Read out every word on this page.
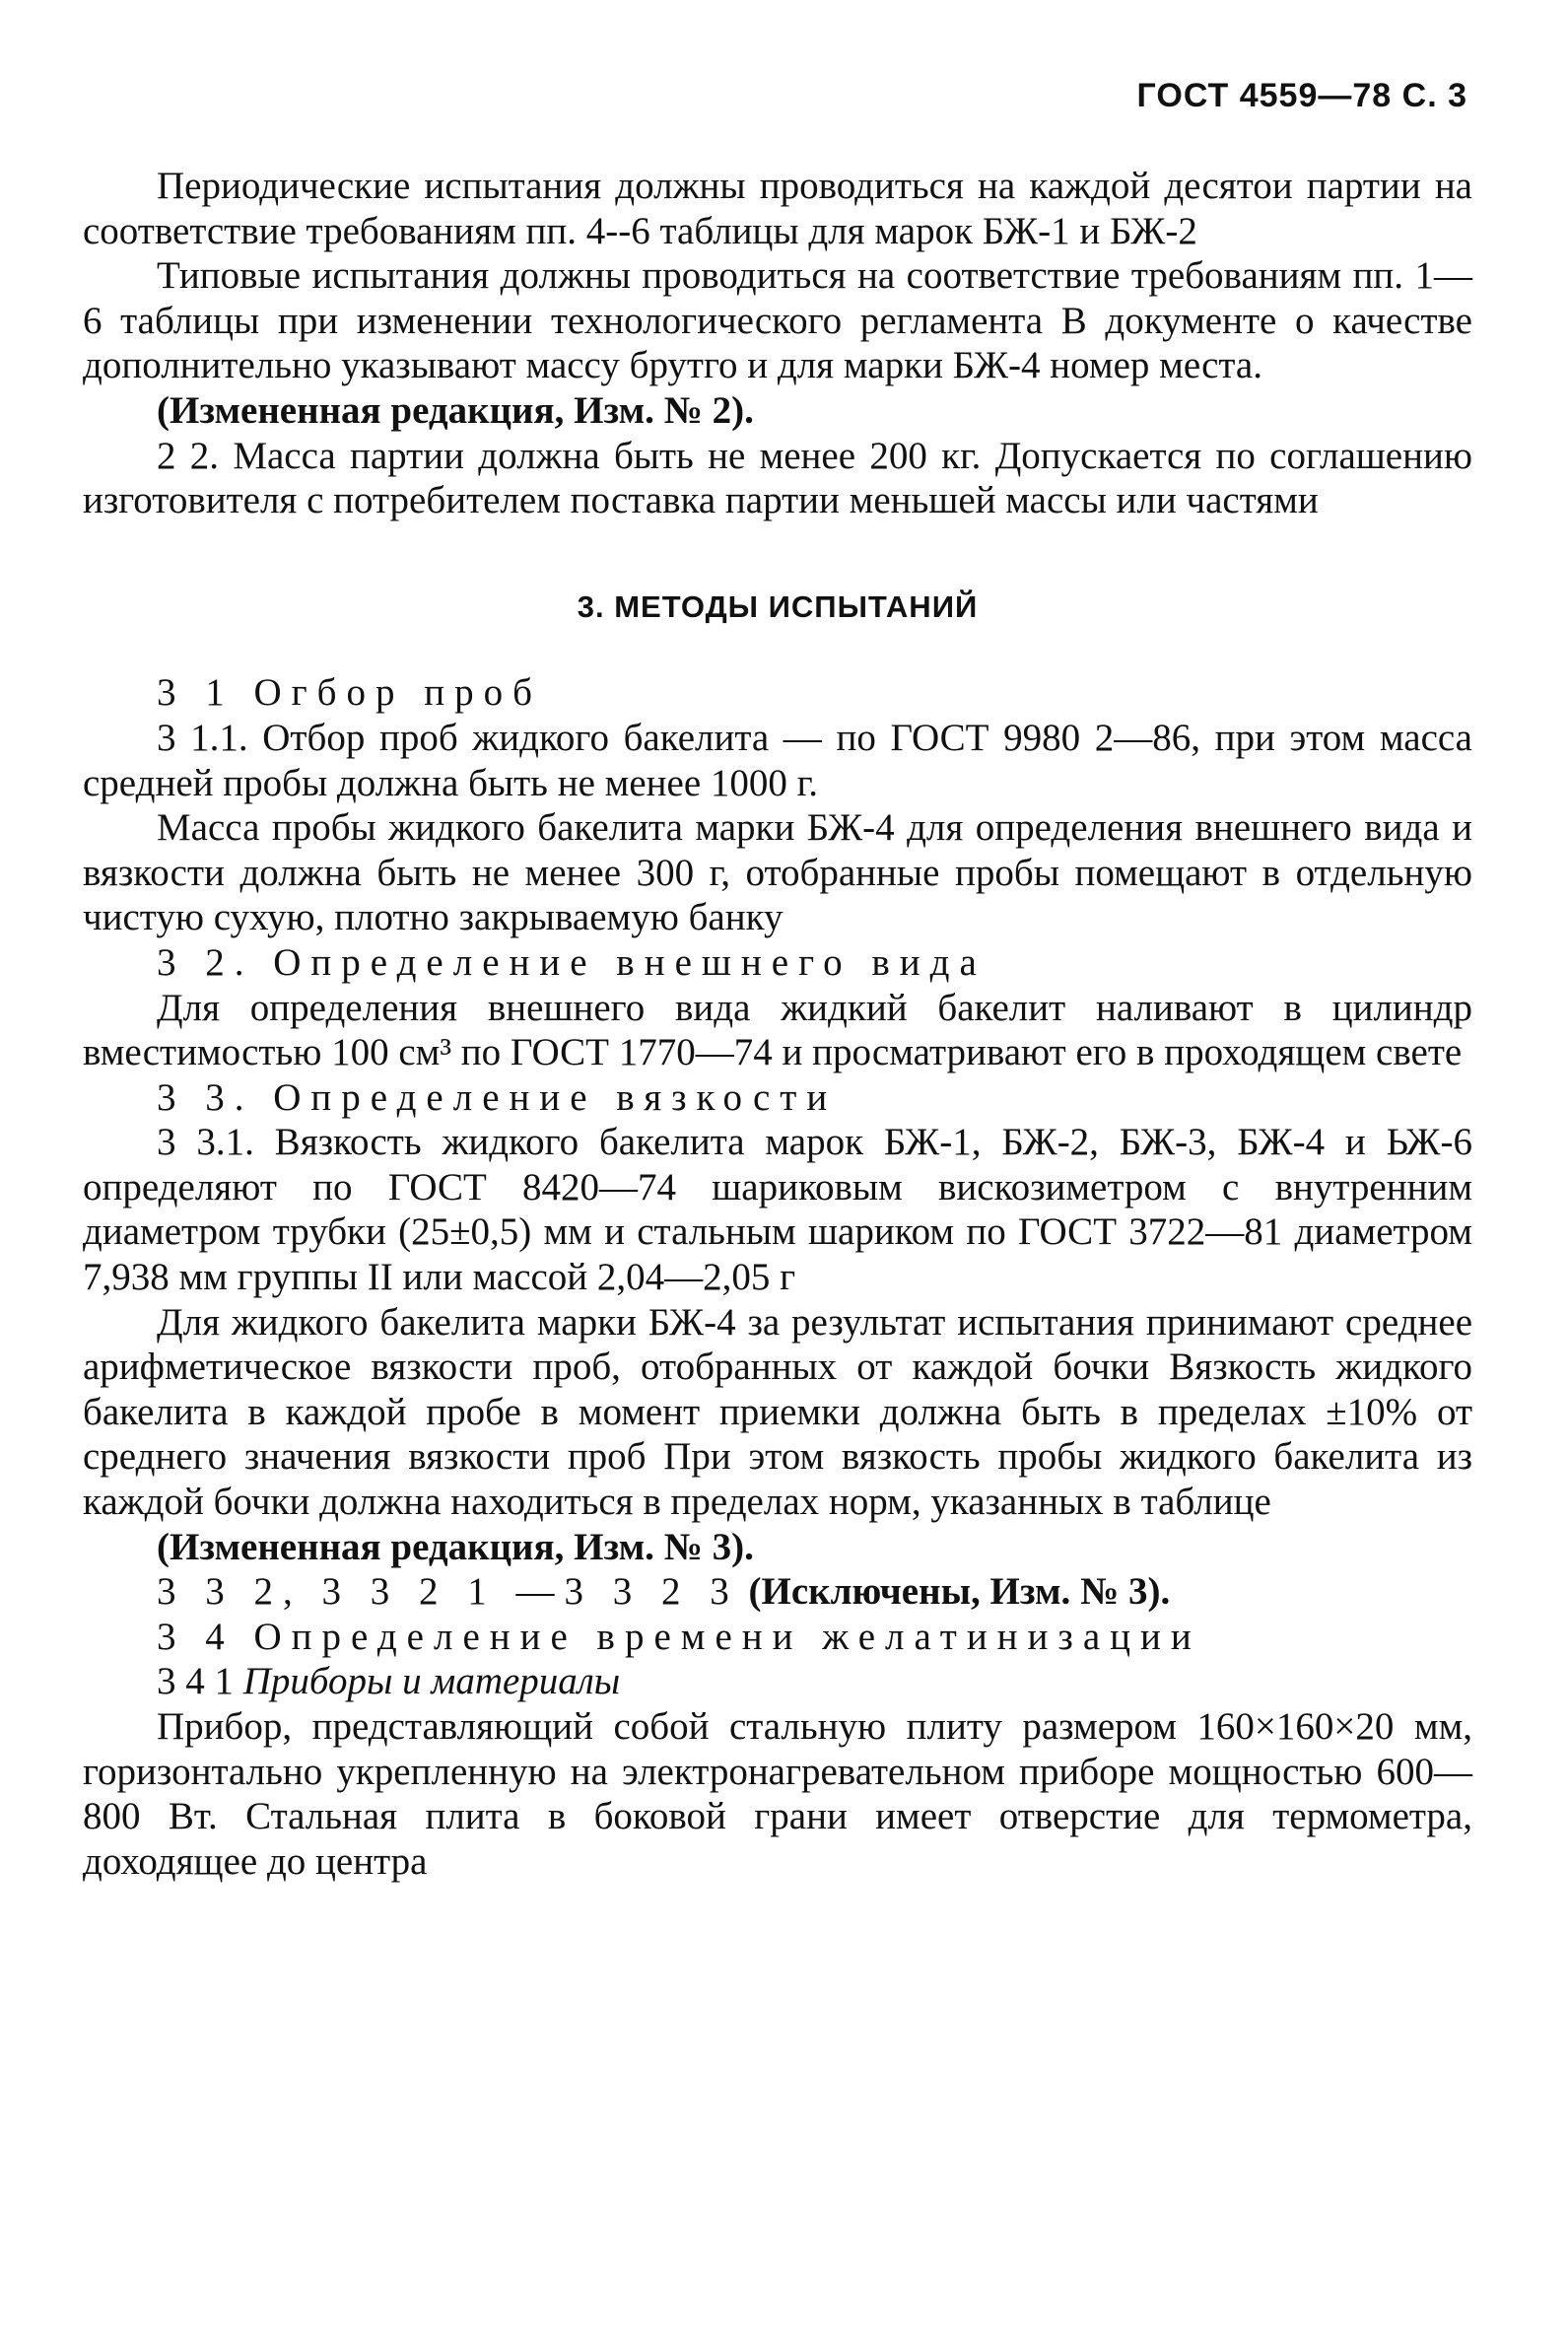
ГОСТ 4559—78 С. 3

Периодические испытания должны проводиться на каждой десятои партии на соответствие требованиям пп. 4--6 таблицы для марок БЖ-1 и БЖ-2

Типовые испытания должны проводиться на соответствие требованиям пп. 1—6 таблицы при изменении технологического регламента В документе о качестве дополнительно указывают массу брутго и для марки БЖ-4 номер места.

(Измененная редакция, Изм. № 2).

2 2. Масса партии должна быть не менее 200 кг. Допускается по соглашению изготовителя с потребителем поставка партии меньшей массы или частями

3. МЕТОДЫ ИСПЫТАНИЙ

3 1 Огбор проб

3 1.1. Отбор проб жидкого бакелита — по ГОСТ 9980 2—86, при этом масса средней пробы должна быть не менее 1000 г.

Масса пробы жидкого бакелита марки БЖ-4 для определения внешнего вида и вязкости должна быть не менее 300 г, отобранные пробы помещают в отдельную чистую сухую, плотно закрываемую банку

3 2. Определение внешнего вида

Для определения внешнего вида жидкий бакелит наливают в цилиндр вместимостью 100 см³ по ГОСТ 1770—74 и просматривают его в проходящем свете

3 3. Определение вязкости

3 3.1. Вязкость жидкого бакелита марок БЖ-1, БЖ-2, БЖ-3, БЖ-4 и ЬЖ-6 определяют по ГОСТ 8420—74 шариковым вискозиметром с внутренним диаметром трубки (25±0,5) мм и стальным шариком по ГОСТ 3722—81 диаметром 7,938 мм группы II или массой 2,04—2,05 г

Для жидкого бакелита марки БЖ-4 за результат испытания принимают среднее арифметическое вязкости проб, отобранных от каждой бочки Вязкость жидкого бакелита в каждой пробе в момент приемки должна быть в пределах ±10% от среднего значения вязкости проб При этом вязкость пробы жидкого бакелита из каждой бочки должна находиться в пределах норм, указанных в таблице

(Измененная редакция, Изм. № 3).

3 3 2, 3 3 2 1 —3 3 2 3 (Исключены, Изм. № 3).

3 4 Определение времени желатинизации

3 4 1 Приборы и материалы

Прибор, представляющий собой стальную плиту размером 160×160×20 мм, горизонтально укрепленную на электронагревательном приборе мощностью 600—800 Вт. Стальная плита в боковой грани имеет отверстие для термометра, доходящее до центра
